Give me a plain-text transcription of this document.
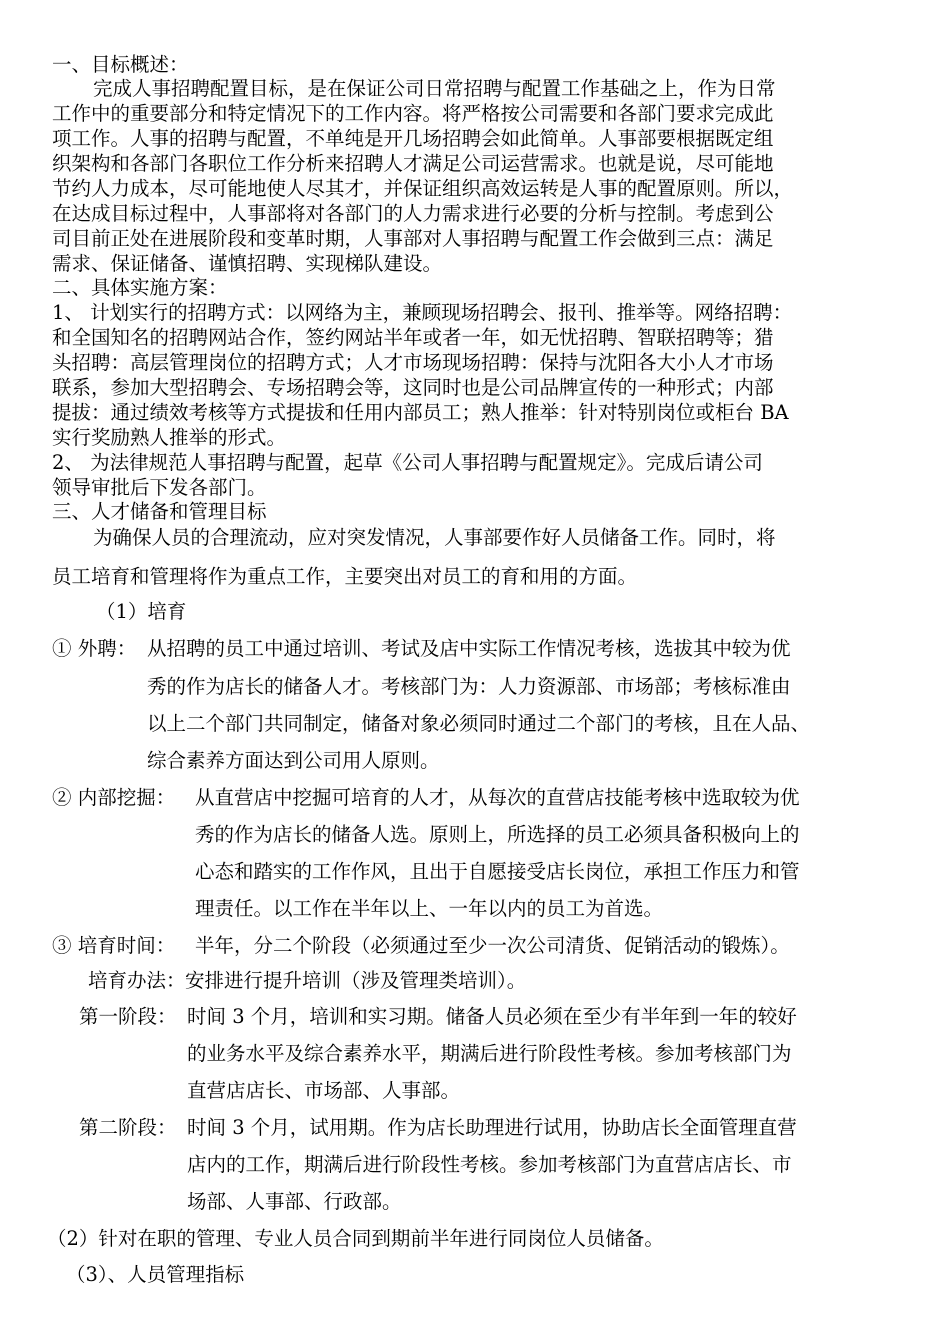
一、目标概述：
完成人事招聘配置目标，是在保证公司日常招聘与配置工作基础之上，作为日常
工作中的重要部分和特定情况下的工作内容。将严格按公司需要和各部门要求完成此
项工作。人事的招聘与配置，不单纯是开几场招聘会如此简单。人事部要根据既定组
织架构和各部门各职位工作分析来招聘人才满足公司运营需求。也就是说，尽可能地
节约人力成本，尽可能地使人尽其才，并保证组织高效运转是人事的配置原则。所以，
在达成目标过程中，人事部将对各部门的人力需求进行必要的分析与控制。考虑到公
司目前正处在进展阶段和变革时期，人事部对人事招聘与配置工作会做到三点：满足
需求、保证储备、谨慎招聘、实现梯队建设。
二、具体实施方案：
1、 计划实行的招聘方式：以网络为主，兼顾现场招聘会、报刊、推举等。网络招聘：
和全国知名的招聘网站合作，签约网站半年或者一年，如无忧招聘、智联招聘等；猎
头招聘：高层管理岗位的招聘方式；人才市场现场招聘：保持与沈阳各大小人才市场
联系，参加大型招聘会、专场招聘会等，这同时也是公司品牌宣传的一种形式；内部
提拔：通过绩效考核等方式提拔和任用内部员工；熟人推举：针对特别岗位或柜台 BA
实行奖励熟人推举的形式。
2、 为法律规范人事招聘与配置，起草《公司人事招聘与配置规定》。完成后请公司
领导审批后下发各部门。
三、人才储备和管理目标
为确保人员的合理流动，应对突发情况，人事部要作好人员储备工作。同时，将
员工培育和管理将作为重点工作，主要突出对员工的育和用的方面。
（1）培育
① 外聘： 从招聘的员工中通过培训、考试及店中实际工作情况考核，选拔其中较为优
秀的作为店长的储备人才。考核部门为：人力资源部、市场部；考核标准由
以上二个部门共同制定，储备对象必须同时通过二个部门的考核，且在人品、
综合素养方面达到公司用人原则。
② 内部挖掘： 从直营店中挖掘可培育的人才，从每次的直营店技能考核中选取较为优
秀的作为店长的储备人选。原则上，所选择的员工必须具备积极向上的
心态和踏实的工作作风，且出于自愿接受店长岗位，承担工作压力和管
理责任。以工作在半年以上、一年以内的员工为首选。
③ 培育时间： 半年，分二个阶段（必须通过至少一次公司清货、促销活动的锻炼）。
培育办法： 安排进行提升培训（涉及管理类培训）。
第一阶段： 时间 3 个月，培训和实习期。储备人员必须在至少有半年到一年的较好
的业务水平及综合素养水平，期满后进行阶段性考核。参加考核部门为
直营店店长、市场部、人事部。
第二阶段： 时间 3 个月，试用期。作为店长助理进行试用，协助店长全面管理直营
店内的工作，期满后进行阶段性考核。参加考核部门为直营店店长、市
场部、人事部、行政部。
（2）针对在职的管理、专业人员合同到期前半年进行同岗位人员储备。
（3）、人员管理指标
